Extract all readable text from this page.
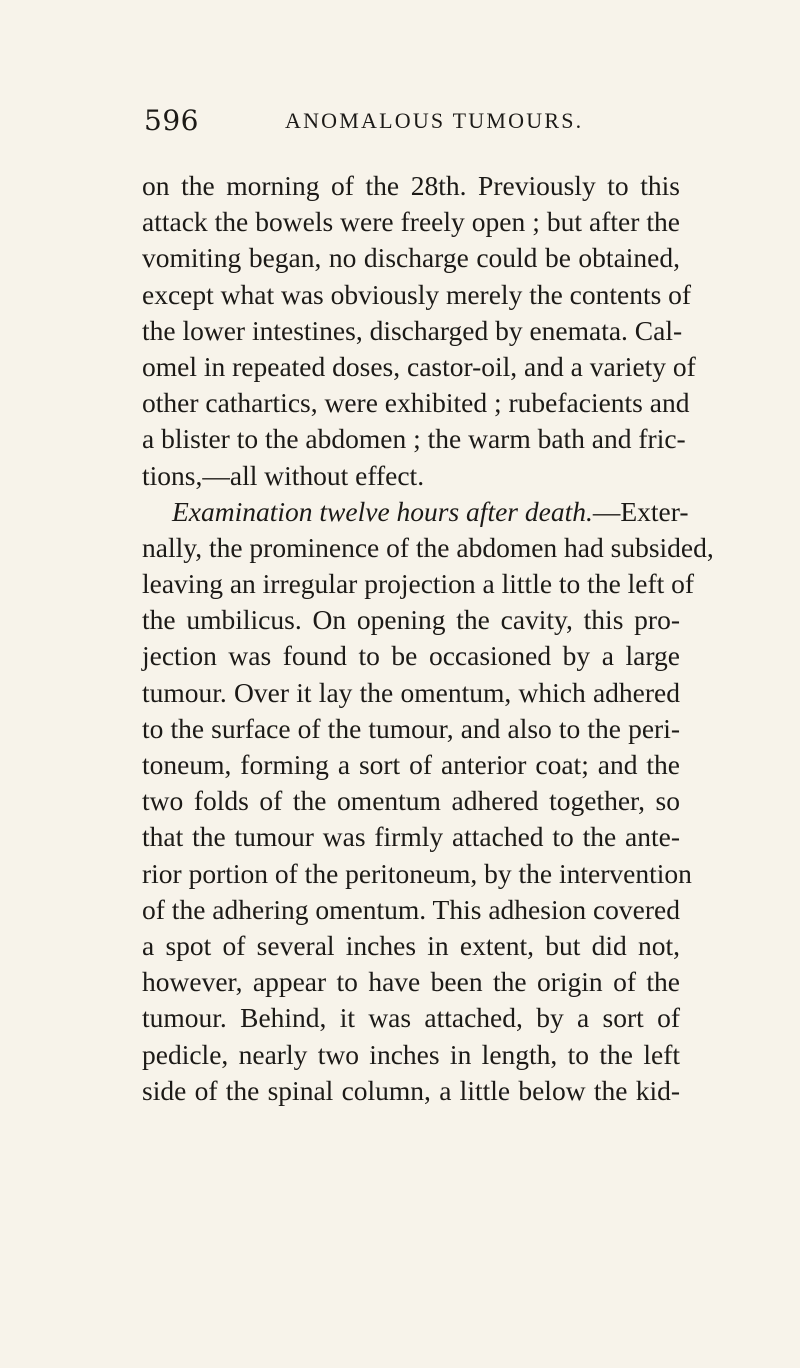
596	ANOMALOUS TUMOURS.
on the morning of the 28th. Previously to this
attack the bowels were freely open ; but after the
vomiting began, no discharge could be obtained,
except what was obviously merely the contents of
the lower intestines, discharged by enemata. Cal-
omel in repeated doses, castor-oil, and a variety of
other cathartics, were exhibited ; rubefacients and
a blister to the abdomen ; the warm bath and fric-
tions,—all without effect.
Examination twelve hours after death.—Exter-
nally, the prominence of the abdomen had subsided,
leaving an irregular projection a little to the left of
the umbilicus. On opening the cavity, this pro-
jection was found to be occasioned by a large
tumour. Over it lay the omentum, which adhered
to the surface of the tumour, and also to the peri-
toneum, forming a sort of anterior coat; and the
two folds of the omentum adhered together, so
that the tumour was firmly attached to the ante-
rior portion of the peritoneum, by the intervention
of the adhering omentum. This adhesion covered
a spot of several inches in extent, but did not,
however, appear to have been the origin of the
tumour. Behind, it was attached, by a sort of
pedicle, nearly two inches in length, to the left
side of the spinal column, a little below the kid-
